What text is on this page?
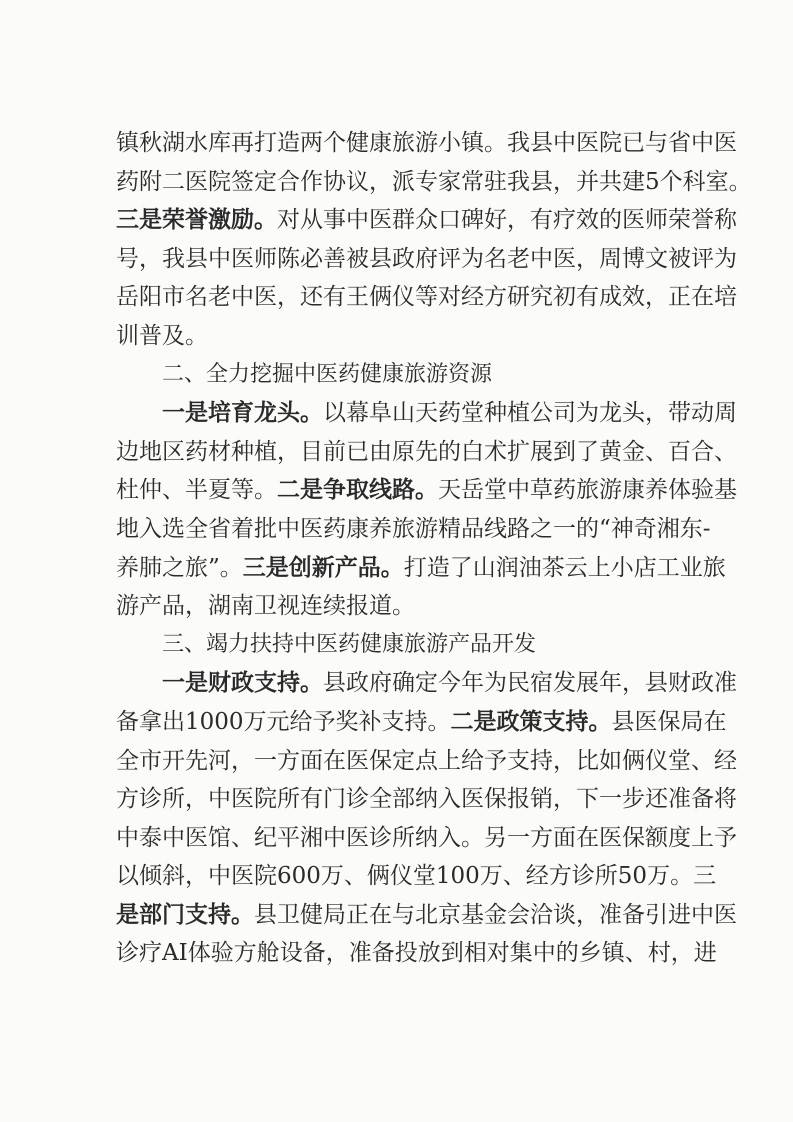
镇秋湖水库再打造两个健康旅游小镇。我县中医院已与省中医
药附二医院签定合作协议，派专家常驻我县，并共建5个科室。
三是荣誉激励。对从事中医群众口碑好，有疗效的医师荣誉称
号，我县中医师陈必善被县政府评为名老中医，周博文被评为
岳阳市名老中医，还有王俩仪等对经方研究初有成效，正在培
训普及。
二、全力挖掘中医药健康旅游资源
一是培育龙头。以幕阜山天药堂种植公司为龙头，带动周
边地区药材种植，目前已由原先的白术扩展到了黄金、百合、
杜仲、半夏等。二是争取线路。天岳堂中草药旅游康养体验基
地入选全省着批中医药康养旅游精品线路之一的“神奇湘东-
养肺之旅”。三是创新产品。打造了山润油茶云上小店工业旅
游产品，湖南卫视连续报道。
三、竭力扶持中医药健康旅游产品开发
一是财政支持。县政府确定今年为民宿发展年，县财政准
备拿出1000万元给予奖补支持。二是政策支持。县医保局在
全市开先河，一方面在医保定点上给予支持，比如俩仪堂、经
方诊所，中医院所有门诊全部纳入医保报销，下一步还准备将
中泰中医馆、纪平湘中医诊所纳入。另一方面在医保额度上予
以倾斜，中医院600万、俩仪堂100万、经方诊所50万。三
是部门支持。县卫健局正在与北京基金会洽谈，准备引进中医
诊疗AI体验方舱设备，准备投放到相对集中的乡镇、村，进
